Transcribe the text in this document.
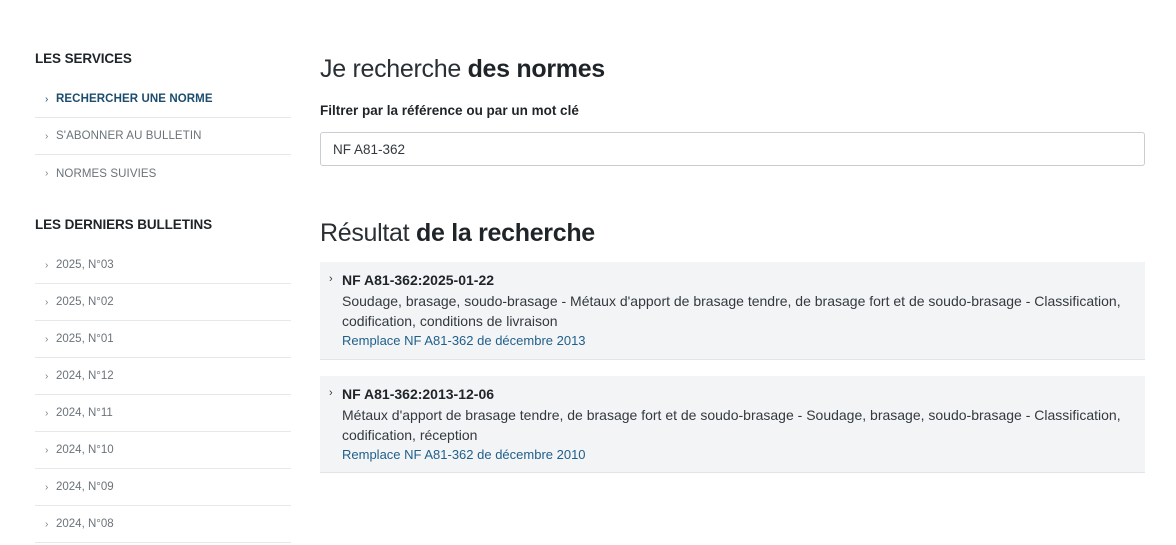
LES SERVICES
› RECHERCHER UNE NORME
› S'ABONNER AU BULLETIN
› NORMES SUIVIES
LES DERNIERS BULLETINS
› 2025, N°03
› 2025, N°02
› 2025, N°01
› 2024, N°12
› 2024, N°11
› 2024, N°10
› 2024, N°09
› 2024, N°08
Je recherche des normes
Filtrer par la référence ou par un mot clé
NF A81-362
Résultat de la recherche
› NF A81-362:2025-01-22
Soudage, brasage, soudo-brasage - Métaux d'apport de brasage tendre, de brasage fort et de soudo-brasage - Classification, codification, conditions de livraison
Remplace NF A81-362 de décembre 2013
› NF A81-362:2013-12-06
Métaux d'apport de brasage tendre, de brasage fort et de soudo-brasage - Soudage, brasage, soudo-brasage - Classification, codification, réception
Remplace NF A81-362 de décembre 2010
